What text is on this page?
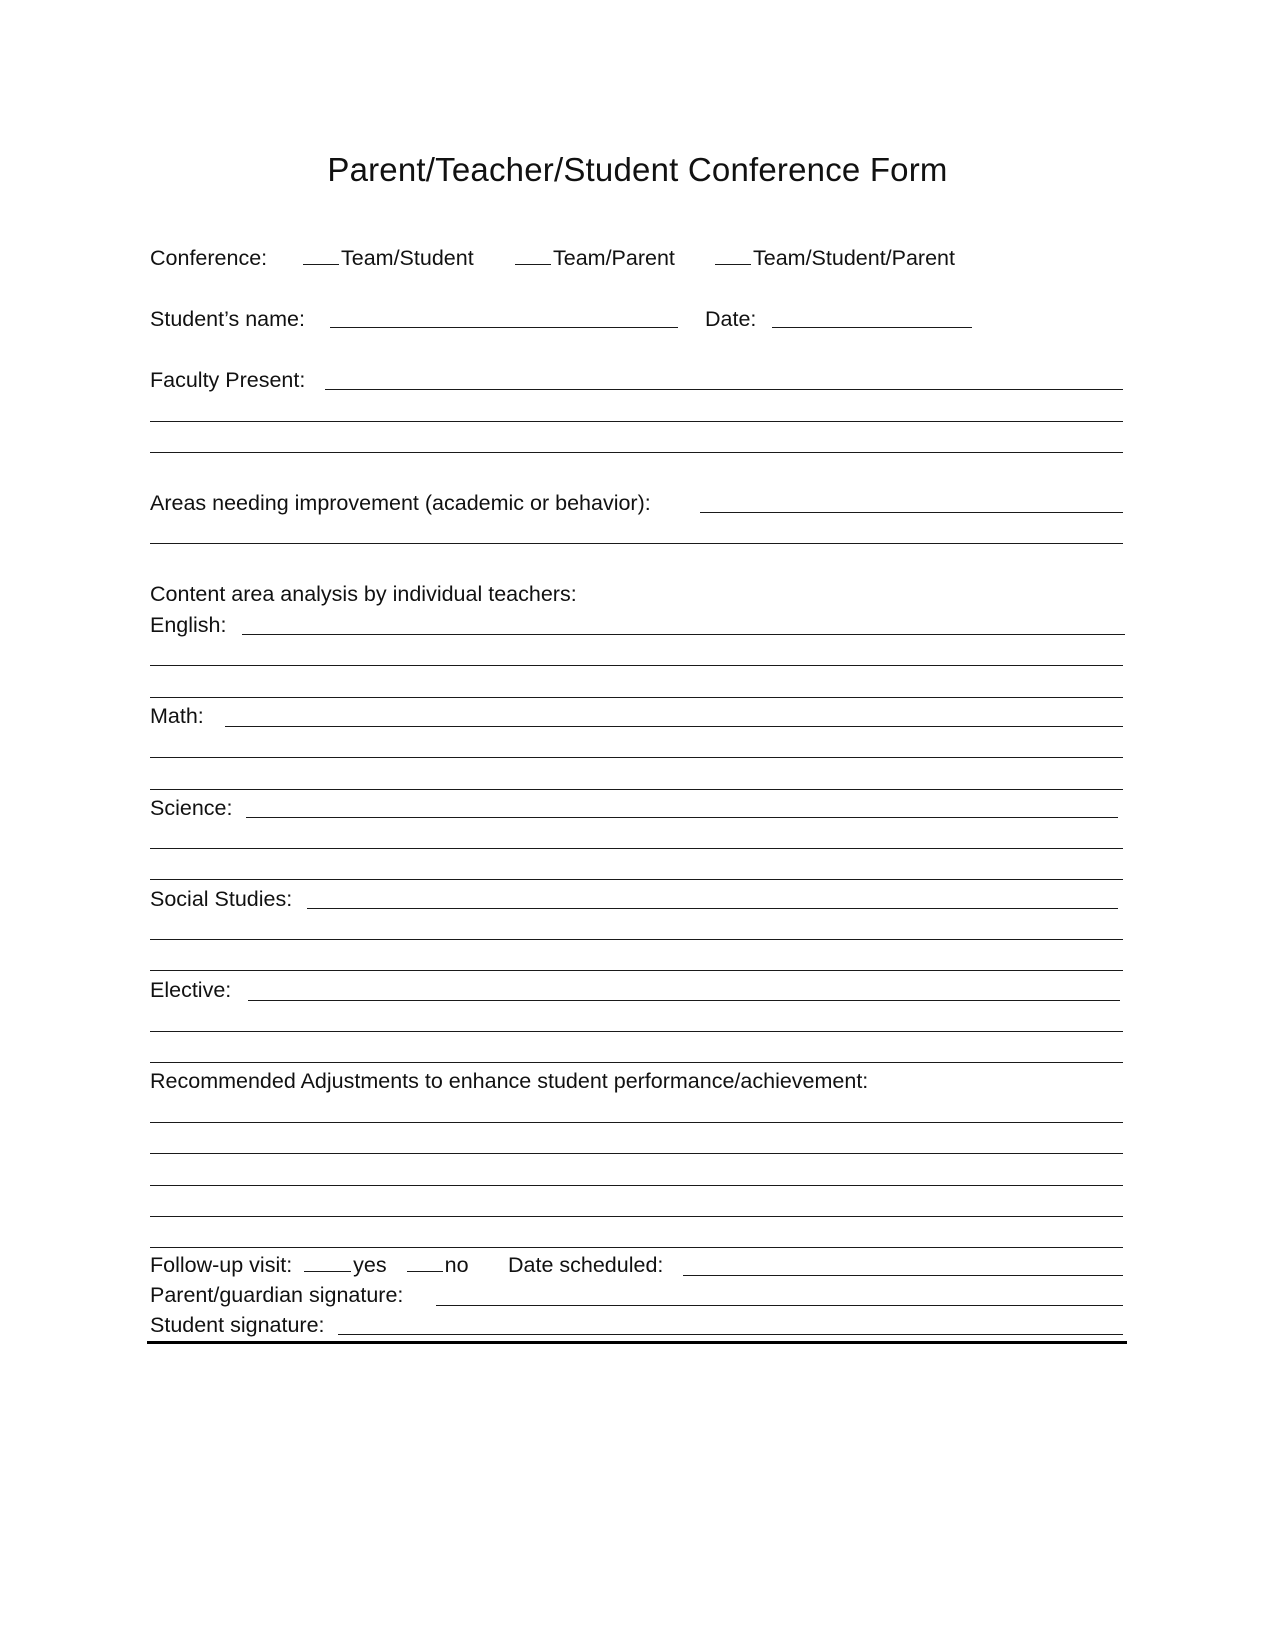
Parent/Teacher/Student Conference Form
Conference:	Team/Student	Team/Parent	Team/Student/Parent
Student’s name:	Date:
Faculty Present:
Areas needing improvement (academic or behavior):
Content area analysis by individual teachers:
English:
Math:
Science:
Social Studies:
Elective:
Recommended Adjustments to enhance student performance/achievement:
Follow-up visit:	yes	no Date scheduled:
Parent/guardian signature:
Student signature:
